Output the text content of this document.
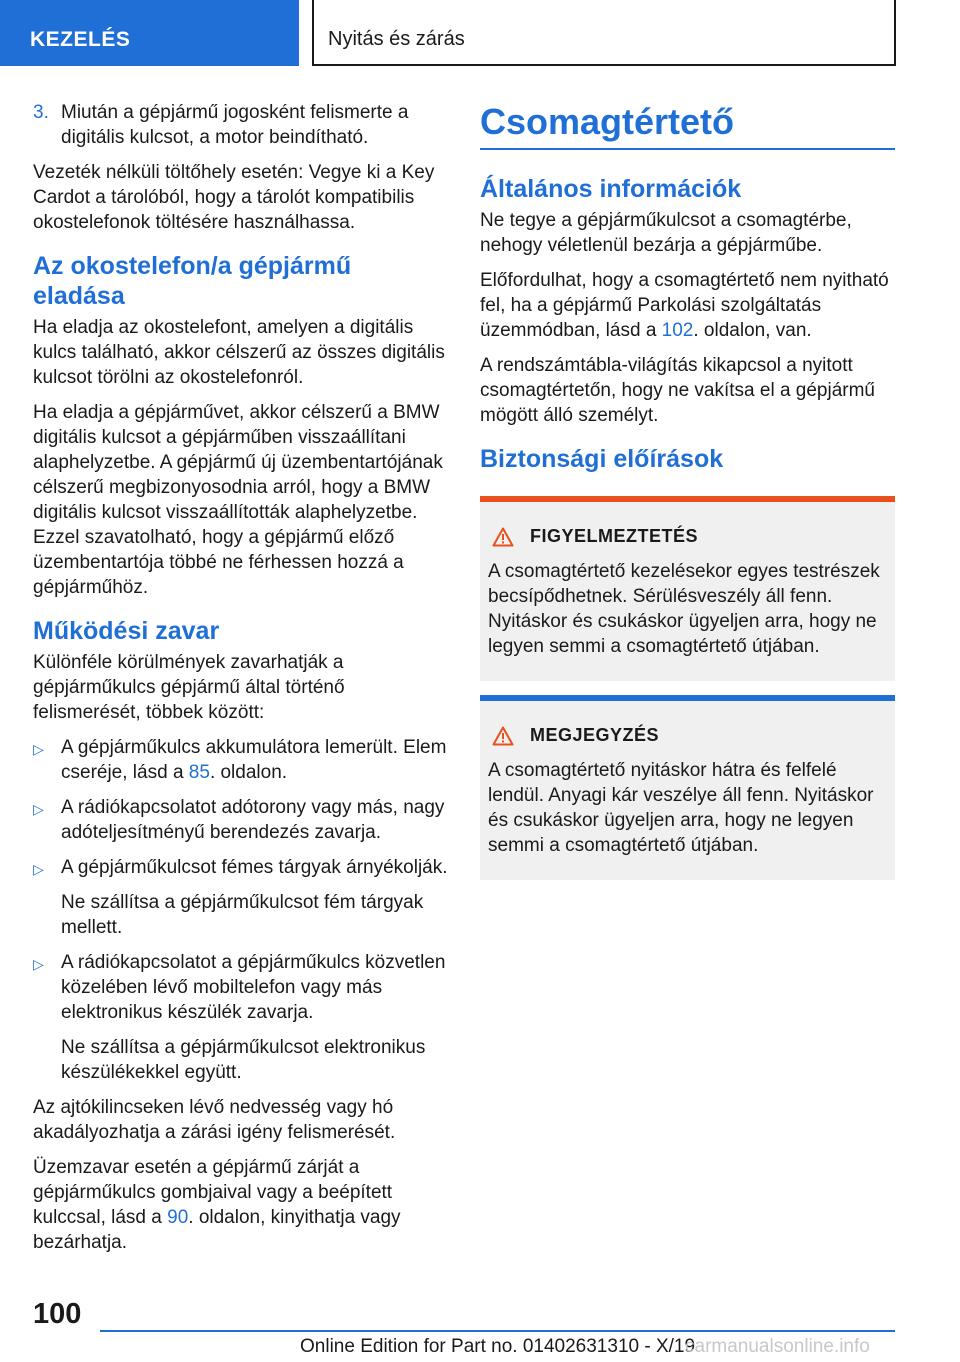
KEZELÉS	Nyitás és zárás
3. Miután a gépjármű jogosként felismerte a digitális kulcsot, a motor beindítható.

Vezeték nélküli töltőhely esetén: Vegye ki a Key Cardot a tárolóból, hogy a tárolót kompatibilis okostelefonok töltésére használhassa.

Az okostelefon/a gépjármű eladása

Ha eladja az okostelefont, amelyen a digitális kulcs található, akkor célszerű az összes digitális kulcsot törölni az okostelefonról.

Ha eladja a gépjárművet, akkor célszerű a BMW digitális kulcsot a gépjárműben visszaállítani alaphelyzetbe. A gépjármű új üzembentartójának célszerű megbizonyosodnia arról, hogy a BMW digitális kulcsot visszaállították alaphelyzetbe. Ezzel szavatolható, hogy a gépjármű előző üzembentartója többé ne férhessen hozzá a gépjárműhöz.

Működési zavar

Különféle körülmények zavarhatják a gépjárműkulcs gépjármű által történő felismerését, többek között:

▷ A gépjárműkulcs akkumulátora lemerült. Elem cseréje, lásd a 85. oldalon.

▷ A rádiókapcsolatot adótorony vagy más, nagy adóteljesítményű berendezés zavarja.

▷ A gépjárműkulcsot fémes tárgyak árnyékolják.

Ne szállítsa a gépjárműkulcsot fém tárgyak mellett.

▷ A rádiókapcsolatot a gépjárműkulcs közvetlen közelében lévő mobiltelefon vagy más elektronikus készülék zavarja.

Ne szállítsa a gépjárműkulcsot elektronikus készülékekkel együtt.

Az ajtókilincseken lévő nedvesség vagy hó akadályozhatja a zárási igény felismerését.

Üzemzavar esetén a gépjármű zárját a gépjárműkulcs gombjaival vagy a beépített kulccsal, lásd a 90. oldalon, kinyithatja vagy bezárhatja.

Csomagtértető
Általános információk

Ne tegye a gépjárműkulcsot a csomagtérbe, nehogy véletlenül bezárja a gépjárműbe.

Előfordulhat, hogy a csomagtértető nem nyitható fel, ha a gépjármű Parkolási szolgáltatás üzemmódban, lásd a 102. oldalon, van.

A rendszámtábla-világítás kikapcsol a nyitott csomagtértetőn, hogy ne vakítsa el a gépjármű mögött álló személyt.

Biztonsági előírások
FIGYELMEZTETÉS
A csomagtértető kezelésekor egyes testrészek becsípődhetnek. Sérülésveszély áll fenn. Nyitáskor és csukáskor ügyeljen arra, hogy ne legyen semmi a csomagtértető útjában.
MEGJEGYZÉS
A csomagtértető nyitáskor hátra és felfelé lendül. Anyagi kár veszélye áll fenn. Nyitáskor és csukáskor ügyeljen arra, hogy ne legyen semmi a csomagtértető útjában.
100
Online Edition for Part no. 01402631310 - X/19
carmanualsonline.info
